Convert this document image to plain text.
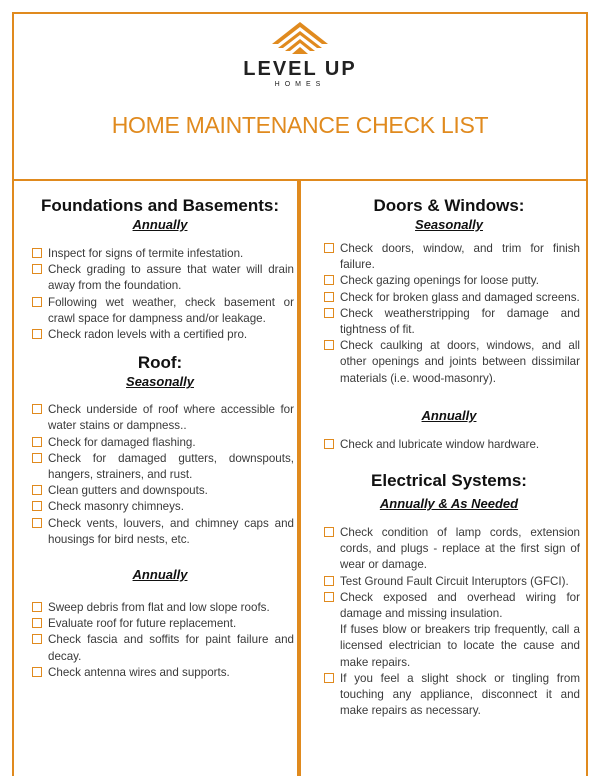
LEVEL UP
HOMES
HOME MAINTENANCE CHECK LIST
Foundations and Basements:
Annually
Inspect for signs of termite infestation.
Check grading to assure that water will drain away from the foundation.
Following wet weather, check basement or crawl space for dampness and/or leakage.
Check radon levels with a certified pro.
Roof:
Seasonally
Check underside of roof where accessible for water stains or dampness..
Check for damaged flashing.
Check for damaged gutters, downspouts, hangers, strainers, and rust.
Clean gutters and downspouts.
Check masonry chimneys.
Check vents, louvers, and chimney caps and housings for bird nests, etc.
Annually
Sweep debris from flat and low slope roofs.
Evaluate roof for future replacement.
Check fascia and soffits for paint failure and decay.
Check antenna wires and supports.
Doors & Windows:
Seasonally
Check doors, window, and trim for finish failure.
Check gazing openings for loose putty.
Check for broken glass and damaged screens.
Check weatherstripping for damage and tightness of fit.
Check caulking at doors, windows, and all other openings and joints between dissimilar materials (i.e. wood-masonry).
Annually
Check and lubricate window hardware.
Electrical Systems:
Annually & As Needed
Check condition of lamp cords, extension cords, and plugs - replace at the first sign of wear or damage.
Test Ground Fault Circuit Interuptors (GFCI).
Check exposed and overhead wiring for damage and missing insulation.
If fuses blow or breakers trip frequently, call a licensed electrician to locate the cause and make repairs.
If you feel a slight shock or tingling from touching any appliance, disconnect it and make repairs as necessary.
